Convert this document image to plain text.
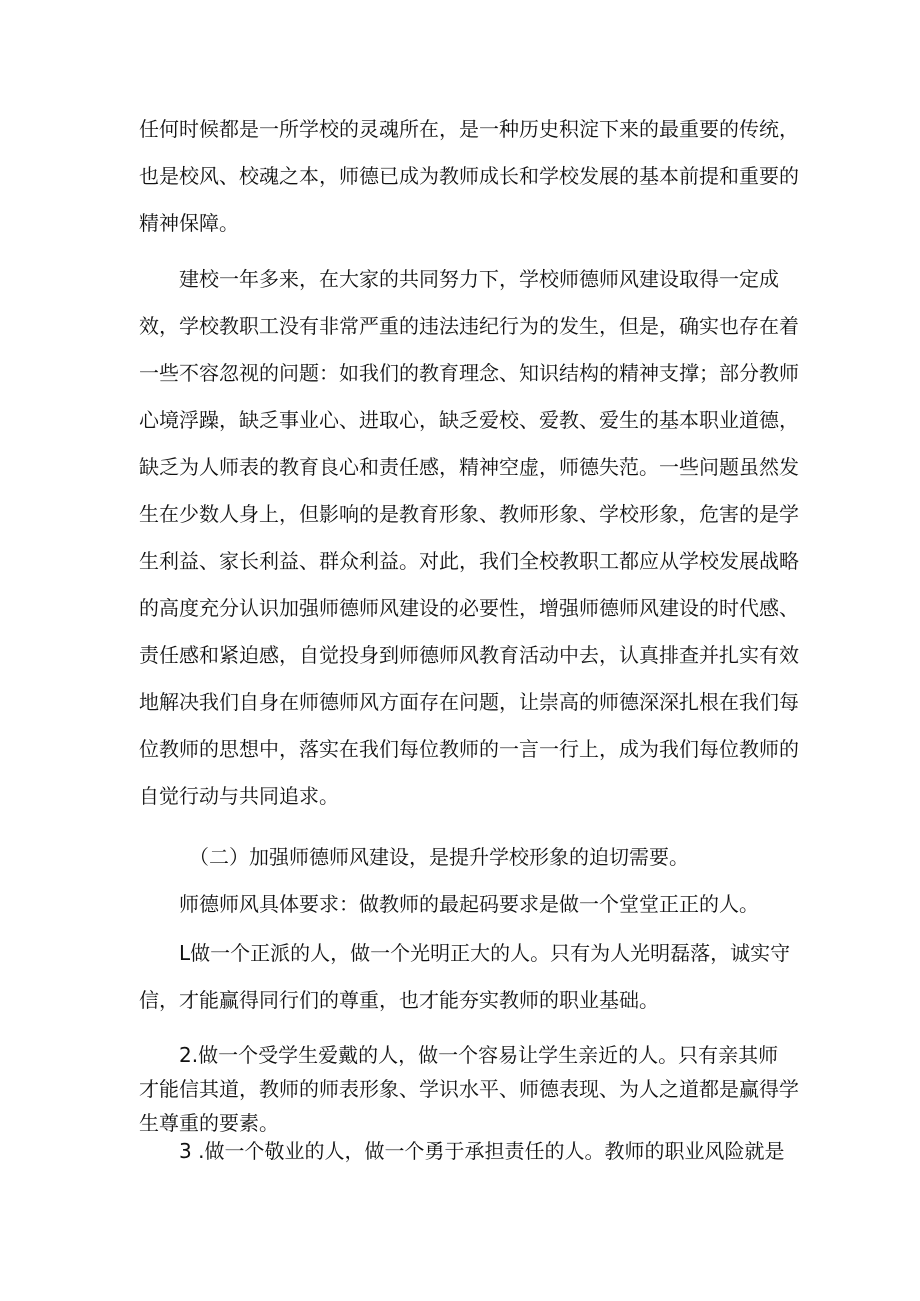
任何时候都是一所学校的灵魂所在，是一种历史积淀下来的最重要的传统，
也是校风、校魂之本，师德已成为教师成长和学校发展的基本前提和重要的
精神保障。
建校一年多来，在大家的共同努力下，学校师德师风建设取得一定成
效，学校教职工没有非常严重的违法违纪行为的发生，但是，确实也存在着
一些不容忽视的问题：如我们的教育理念、知识结构的精神支撑；部分教师
心境浮躁，缺乏事业心、进取心，缺乏爱校、爱教、爱生的基本职业道德，
缺乏为人师表的教育良心和责任感，精神空虚，师德失范。一些问题虽然发
生在少数人身上，但影响的是教育形象、教师形象、学校形象，危害的是学
生利益、家长利益、群众利益。对此，我们全校教职工都应从学校发展战略
的高度充分认识加强师德师风建设的必要性，增强师德师风建设的时代感、
责任感和紧迫感，自觉投身到师德师风教育活动中去，认真排查并扎实有效
地解决我们自身在师德师风方面存在问题，让崇高的师德深深扎根在我们每
位教师的思想中，落实在我们每位教师的一言一行上，成为我们每位教师的
自觉行动与共同追求。
（二）加强师德师风建设，是提升学校形象的迫切需要。
师德师风具体要求：做教师的最起码要求是做一个堂堂正正的人。
L做一个正派的人，做一个光明正大的人。只有为人光明磊落，诚实守
信，才能赢得同行们的尊重，也才能夯实教师的职业基础。
2.做一个受学生爱戴的人，做一个容易让学生亲近的人。只有亲其师
才能信其道，教师的师表形象、学识水平、师德表现、为人之道都是赢得学
生尊重的要素。
3 .做一个敬业的人，做一个勇于承担责任的人。教师的职业风险就是
